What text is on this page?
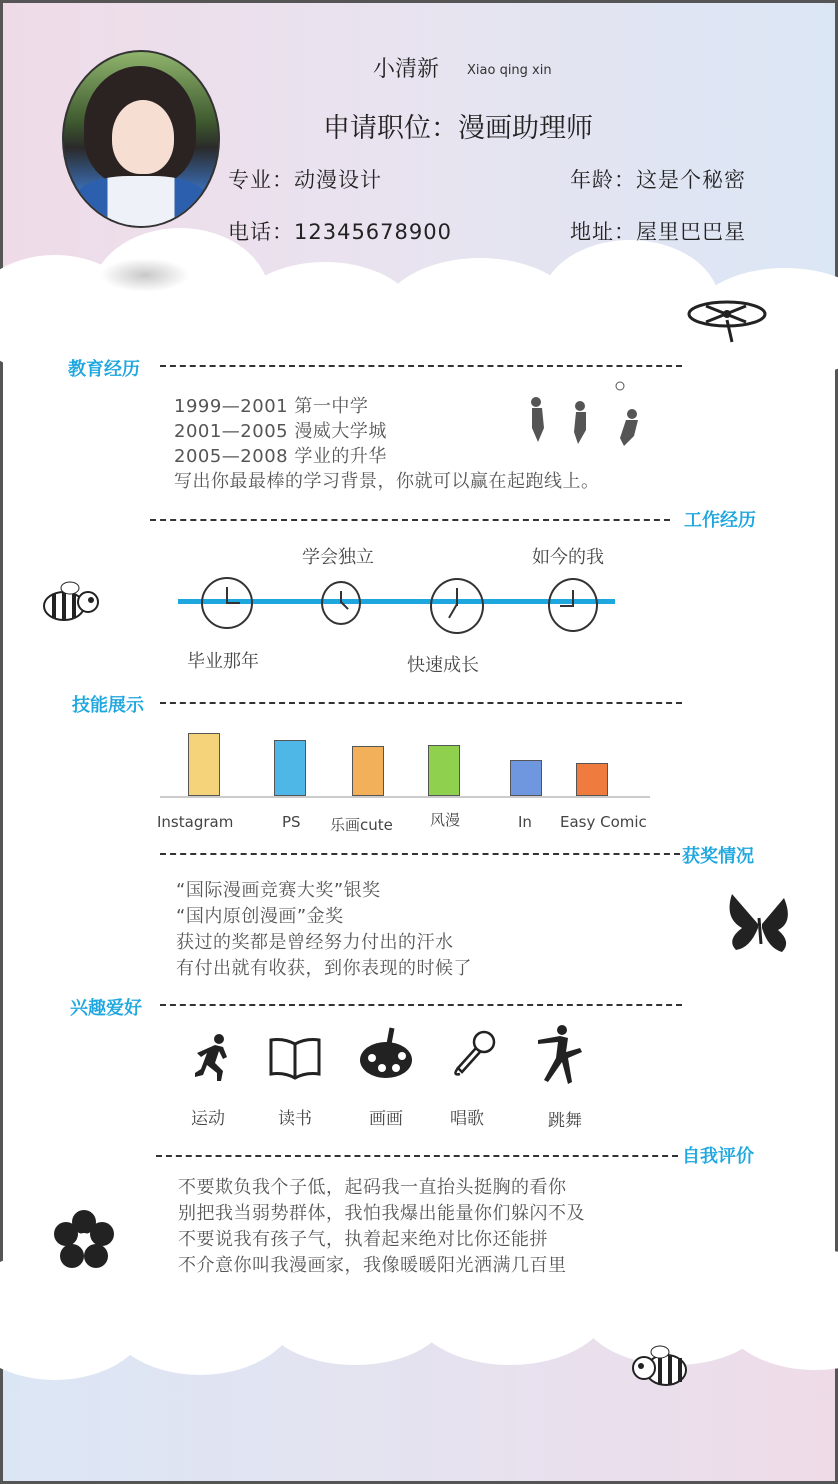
小清新 Xiao qing xin
申请职位：漫画助理师
专业：动漫设计	年龄：这是个秘密
电话：12345678900	地址：屋里巴巴星
教育经历
1999—2001 第一中学
2001—2005 漫威大学城
2005—2008 学业的升华
写出你最最棒的学习背景，你就可以赢在起跑线上。
工作经历
学会独立	如今的我
毕业那年	快速成长
技能展示
Instagram	PS 乐画cute 风漫	In Easy Comic
获奖情况
“国际漫画竞赛大奖”银奖
“国内原创漫画”金奖
获过的奖都是曾经努力付出的汗水
有付出就有收获，到你表现的时候了
兴趣爱好
运动	读书	画画	唱歌	跳舞
自我评价
不要欺负我个子低，起码我一直抬头挺胸的看你
别把我当弱势群体，我怕我爆出能量你们躲闪不及
不要说我有孩子气，执着起来绝对比你还能拼
不介意你叫我漫画家，我像暖暖阳光洒满几百里
